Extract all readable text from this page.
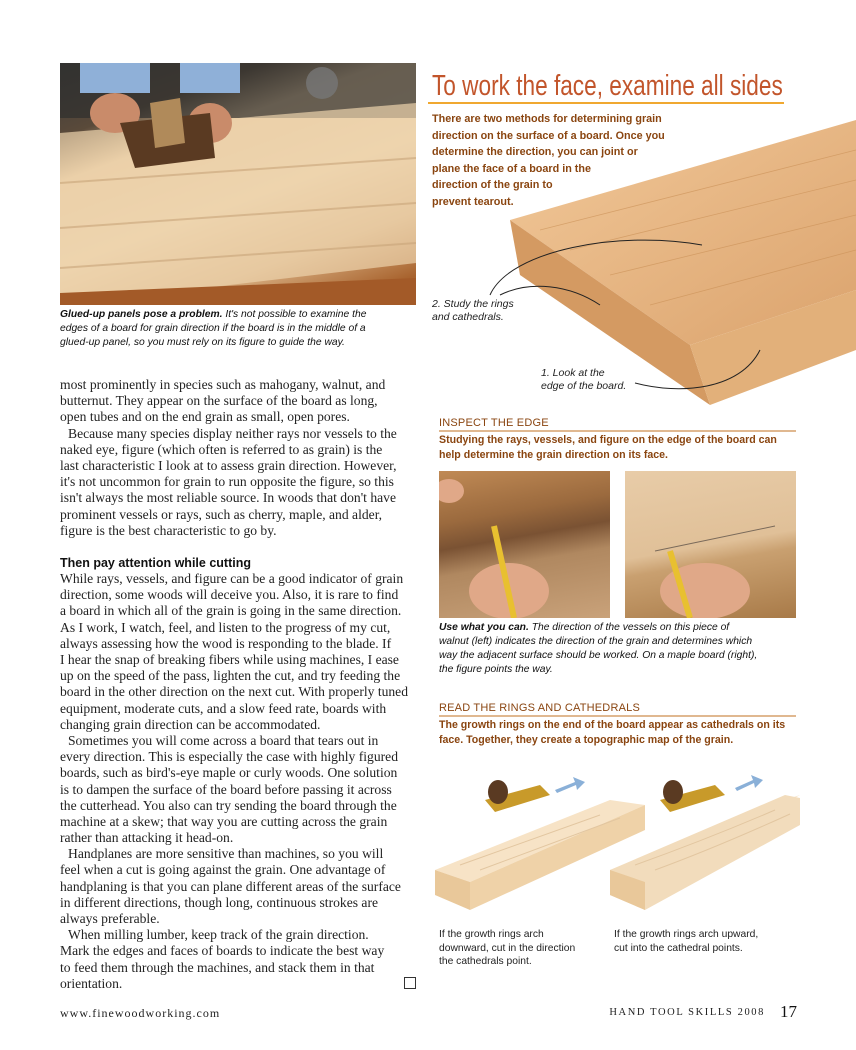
Glued-up panels pose a problem. It's not possible to examine the
edges of a board for grain direction if the board is in the middle of a
glued-up panel, so you must rely on its figure to guide the way.
most prominently in species such as mahogany, walnut, and
butternut. They appear on the surface of the board as long,
open tubes and on the end grain as small, open pores.
Because many species display neither rays nor vessels to the
naked eye, figure (which often is referred to as grain) is the
last characteristic I look at to assess grain direction. However,
it's not uncommon for grain to run opposite the figure, so this
isn't always the most reliable source. In woods that don't have
prominent vessels or rays, such as cherry, maple, and alder,
figure is the best characteristic to go by.
Then pay attention while cutting
While rays, vessels, and figure can be a good indicator of grain
direction, some woods will deceive you. Also, it is rare to find
a board in which all of the grain is going in the same direction.
As I work, I watch, feel, and listen to the progress of my cut,
always assessing how the wood is responding to the blade. If
I hear the snap of breaking fibers while using machines, I ease
up on the speed of the pass, lighten the cut, and try feeding the
board in the other direction on the next cut. With properly tuned
equipment, moderate cuts, and a slow feed rate, boards with
changing grain direction can be accommodated.
Sometimes you will come across a board that tears out in
every direction. This is especially the case with highly figured
boards, such as bird's-eye maple or curly woods. One solution
is to dampen the surface of the board before passing it across
the cutterhead. You also can try sending the board through the
machine at a skew; that way you are cutting across the grain
rather than attacking it head-on.
Handplanes are more sensitive than machines, so you will
feel when a cut is going against the grain. One advantage of
handplaning is that you can plane different areas of the surface
in different directions, though long, continuous strokes are
always preferable.
When milling lumber, keep track of the grain direction.
Mark the edges and faces of boards to indicate the best way
to feed them through the machines, and stack them in that
orientation.
To work the face, examine all sides
There are two methods for determining grain
direction on the surface of a board. Once you
determine the direction, you can joint or
plane the face of a board in the
direction of the grain to
prevent tearout.
2. Study the rings
and cathedrals.
1. Look at the
edge of the board.
INSPECT THE EDGE
Studying the rays, vessels, and figure on the edge of the board can
help determine the grain direction on its face.
Use what you can. The direction of the vessels on this piece of
walnut (left) indicates the direction of the grain and determines which
way the adjacent surface should be worked. On a maple board (right),
the figure points the way.
READ THE RINGS AND CATHEDRALS
The growth rings on the end of the board appear as cathedrals on its
face. Together, they create a topographic map of the grain.
If the growth rings arch
downward, cut in the direction
the cathedrals point.
If the growth rings arch upward,
cut into the cathedral points.
www.finewoodworking.com	HAND TOOL SKILLS 2008 17
